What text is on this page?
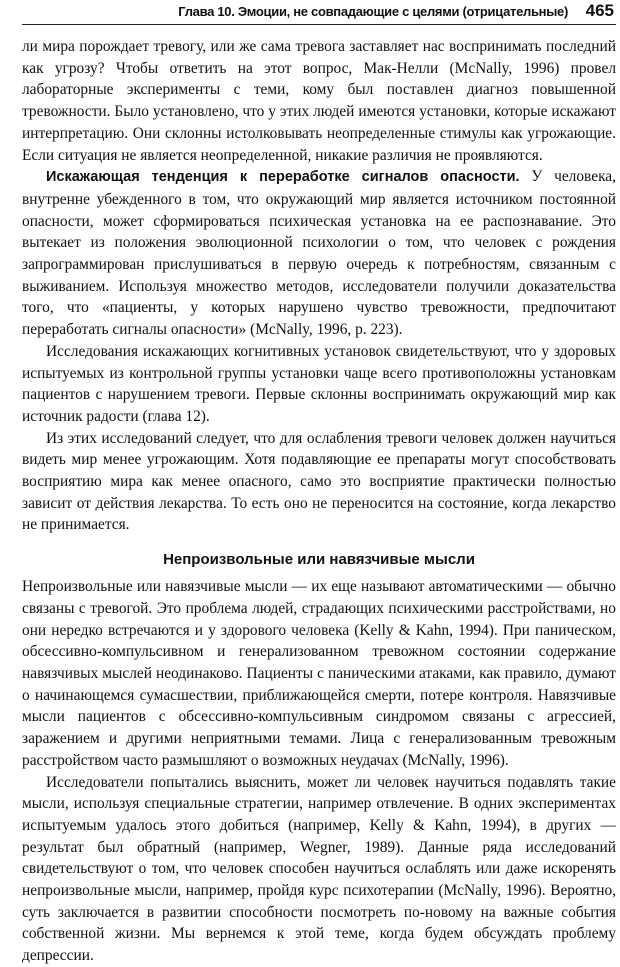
Глава 10. Эмоции, не совпадающие с целями (отрицательные) 465

ли мира порождает тревогу, или же сама тревога заставляет нас воспринимать последний как угрозу? Чтобы ответить на этот вопрос, Мак-Нелли (McNally, 1996) провел лабораторные эксперименты с теми, кому был поставлен диагноз повышенной тревожности. Было установлено, что у этих людей имеются установки, которые искажают интерпретацию. Они склонны истолковывать неопределенные стимулы как угрожающие. Если ситуация не является неопределенной, никакие различия не проявляются.

Искажающая тенденция к переработке сигналов опасности. У человека, внутренне убежденного в том, что окружающий мир является источником постоянной опасности, может сформироваться психическая установка на ее распознавание. Это вытекает из положения эволюционной психологии о том, что человек с рождения запрограммирован прислушиваться в первую очередь к потребностям, связанным с выживанием. Используя множество методов, исследователи получили доказательства того, что «пациенты, у которых нарушено чувство тревожности, предпочитают переработать сигналы опасности» (McNally, 1996, p. 223).

Исследования искажающих когнитивных установок свидетельствуют, что у здоровых испытуемых из контрольной группы установки чаще всего противоположны установкам пациентов с нарушением тревоги. Первые склонны воспринимать окружающий мир как источник радости (глава 12).

Из этих исследований следует, что для ослабления тревоги человек должен научиться видеть мир менее угрожающим. Хотя подавляющие ее препараты могут способствовать восприятию мира как менее опасного, само это восприятие практически полностью зависит от действия лекарства. То есть оно не переносится на состояние, когда лекарство не принимается.

Непроизвольные или навязчивые мысли

Непроизвольные или навязчивые мысли — их еще называют автоматическими — обычно связаны с тревогой. Это проблема людей, страдающих психическими расстройствами, но они нередко встречаются и у здорового человека (Kelly & Kahn, 1994). При паническом, обсессивно-компульсивном и генерализованном тревожном состоянии содержание навязчивых мыслей неодинаково. Пациенты с паническими атаками, как правило, думают о начинающемся сумасшествии, приближающейся смерти, потере контроля. Навязчивые мысли пациентов с обсессивно-компульсивным синдромом связаны с агрессией, заражением и другими неприятными темами. Лица с генерализованным тревожным расстройством часто размышляют о возможных неудачах (McNally, 1996).

Исследователи попытались выяснить, может ли человек научиться подавлять такие мысли, используя специальные стратегии, например отвлечение. В одних экспериментах испытуемым удалось этого добиться (например, Kelly & Kahn, 1994), в других — результат был обратный (например, Wegner, 1989). Данные ряда исследований свидетельствуют о том, что человек способен научиться ослаблять или даже искоренять непроизвольные мысли, например, пройдя курс психотерапии (McNally, 1996). Вероятно, суть заключается в развитии способности посмотреть по-новому на важные события собственной жизни. Мы вернемся к этой теме, когда будем обсуждать проблему депрессии.
